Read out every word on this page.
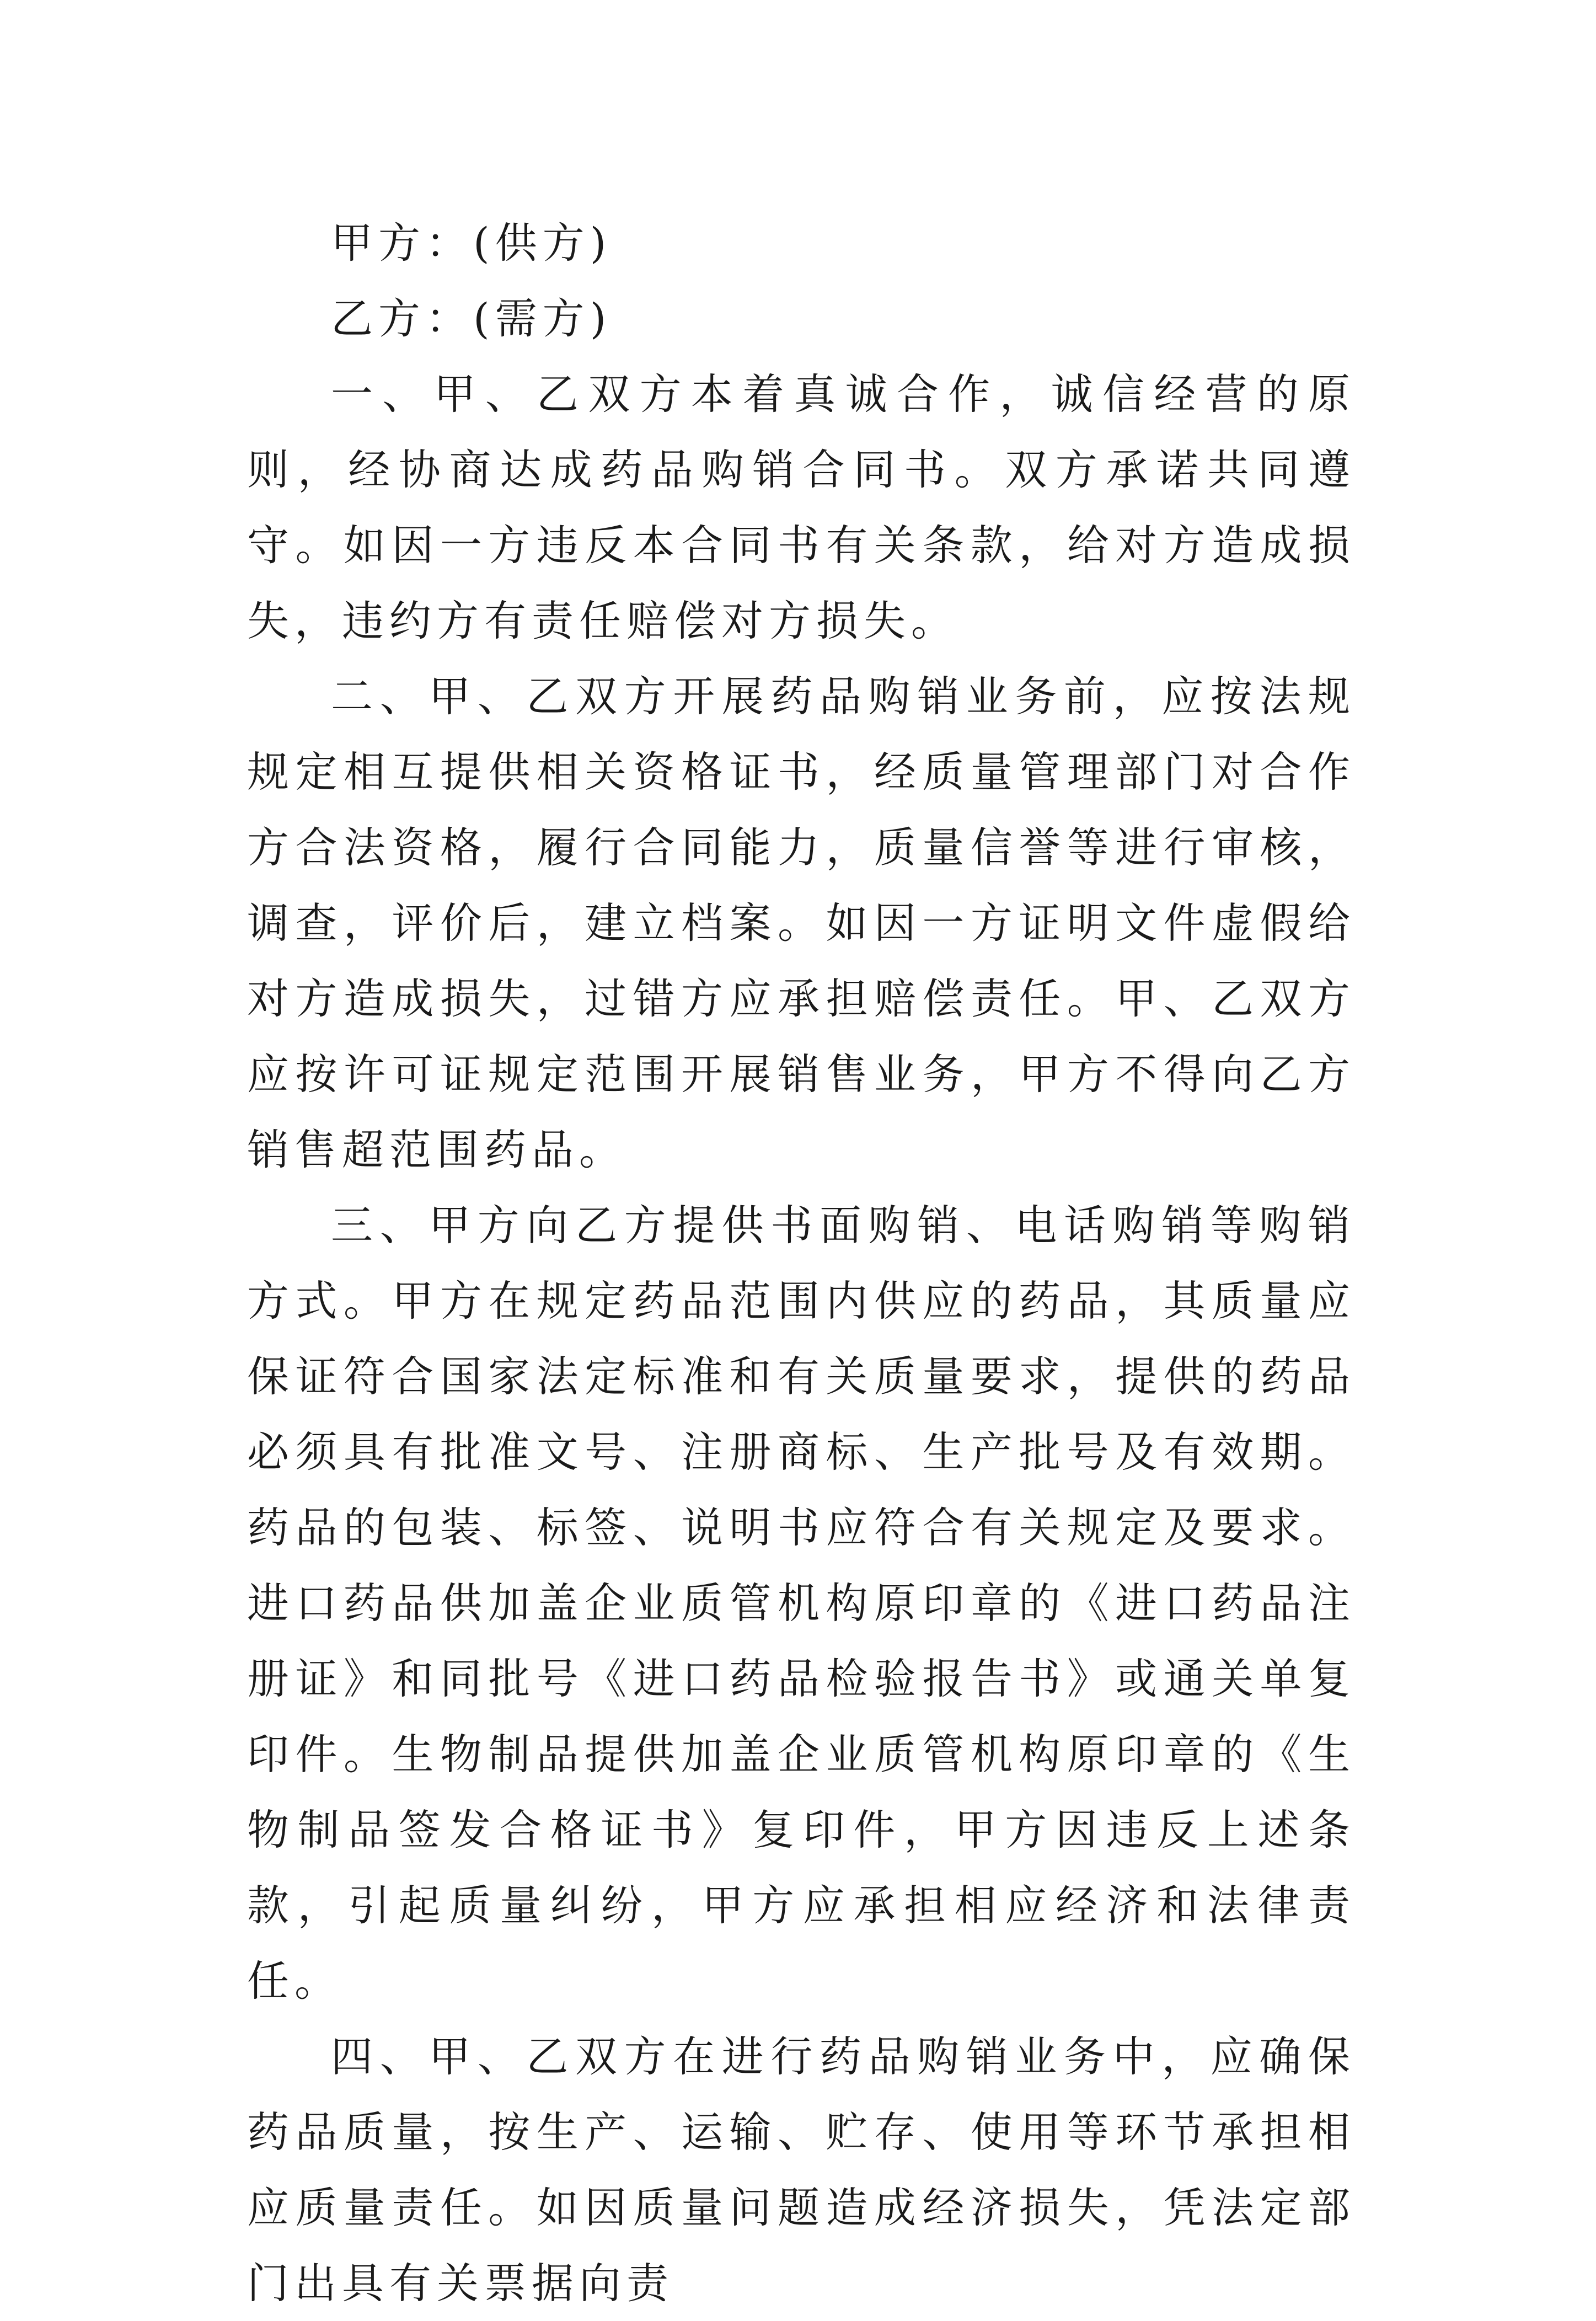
甲方：(供方)

乙方：(需方)

一、甲、乙双方本着真诚合作，诚信经营的原则，经协商达成药品购销合同书。双方承诺共同遵守。如因一方违反本合同书有关条款，给对方造成损失，违约方有责任赔偿对方损失。

二、甲、乙双方开展药品购销业务前，应按法规规定相互提供相关资格证书，经质量管理部门对合作方合法资格，履行合同能力，质量信誉等进行审核，调查，评价后，建立档案。如因一方证明文件虚假给对方造成损失，过错方应承担赔偿责任。甲、乙双方应按许可证规定范围开展销售业务，甲方不得向乙方销售超范围药品。

三、甲方向乙方提供书面购销、电话购销等购销方式。甲方在规定药品范围内供应的药品，其质量应保证符合国家法定标准和有关质量要求，提供的药品必须具有批准文号、注册商标、生产批号及有效期。药品的包装、标签、说明书应符合有关规定及要求。进口药品供加盖企业质管机构原印章的《进口药品注册证》和同批号《进口药品检验报告书》或通关单复印件。生物制品提供加盖企业质管机构原印章的《生物制品签发合格证书》复印件，甲方因违反上述条款，引起质量纠纷，甲方应承担相应经济和法律责任。

四、甲、乙双方在进行药品购销业务中，应确保药品质量，按生产、运输、贮存、使用等环节承担相应质量责任。如因质量问题造成经济损失，凭法定部门出具有关票据向责
